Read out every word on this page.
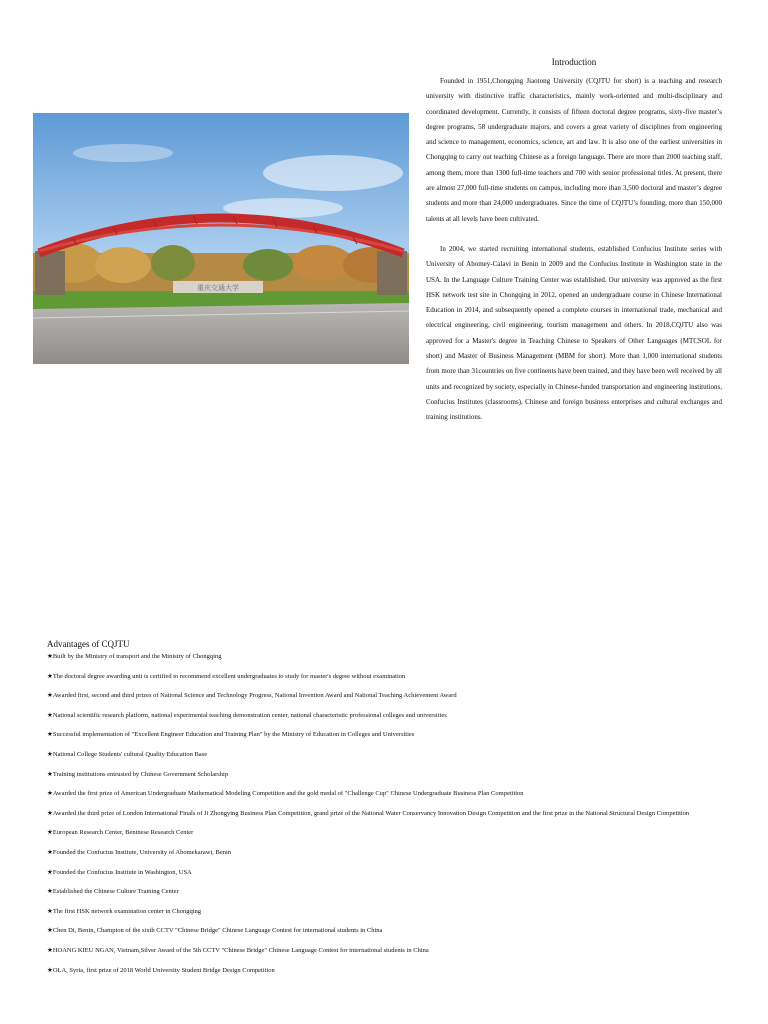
重庆交通大学
Introduction

Founded in 1951,Chongqing Jiaotong University (CQJTU for short) is a teaching and research university with distinctive traffic characteristics, mainly work-oriented and multi-disciplinary and coordinated development. Currently, it consists of fifteen doctoral degree programs, sixty-five master’s degree programs, 58 undergraduate majors, and covers a great variety of disciplines from engineering and science to management, economics, science, art and law. It is also one of the earliest universities in Chongqing to carry out teaching Chinese as a foreign language. There are more than 2000 teaching staff, among them, more than 1300 full-time teachers and 700 with senior professional titles. At present, there are almost 27,000 full-time students on campus, including more than 3,500 doctoral and master’s degree students and more than 24,000 undergraduates. Since the time of CQJTU’s founding, more than 150,000 talents at all levels have been cultivated.

In 2004, we started recruiting international students, established Confucius Institute series with University of Abomey-Calavi in Benin in 2009 and the Confucius Institute in Washington state in the USA. In the Language Culture Training Center was established. Our university was approved as the first HSK network test site in Chongqing in 2012, opened an undergraduate course in Chinese International Education in 2014, and subsequently opened a complete courses in international trade, mechanical and electrical engineering, civil engineering, tourism management and others. In 2018,CQJTU also was approved for a Master's degree in Teaching Chinese to Speakers of Other Languages (MTCSOL for short) and Master of Business Management (MBM for short). More than 1,000 international students from more than 31countries on five continents have been trained, and they have been well received by all units and recognized by society, especially in Chinese-funded transportation and engineering institutions, Confucius Institutes (classrooms), Chinese and foreign business enterprises and cultural exchanges and training institutions.

Advantages of CQJTU
★Built by the Ministry of transport and the Ministry of Chongqing
★The doctoral degree awarding unit is certified to recommend excellent undergraduates to study for master's degree without examination
★Awarded first, second and third prizes of National Science and Technology Progress, National Invention Award and National Teaching Achievement Award
★National scientific research platform, national experimental teaching demonstration center, national characteristic professional colleges and universities
★Successful implementation of "Excellent Engineer Education and Training Plan" by the Ministry of Education in Colleges and Universities
★National College Students' cultural Quality Education Base
★Training institutions entrusted by Chinese Government Scholarship
★Awarded the first prize of American Undergraduate Mathematical Modeling Competition and the gold medal of "Challenge Cup" Chinese Undergraduate Business Plan Competition
★Awarded the third prize of London International Finals of Ji Zhongying Business Plan Competition, grand prize of the National Water Conservancy Innovation Design Competition and the first prize in the National Structural Design Competition
★European Research Center, Beninese Research Center
★Founded the Confucius Institute, University of Abomekarawi, Benin
★Founded the Confucius Institute in Washington, USA
★Established the Chinese Culture Training Center
★The first HSK network examination center in Chongqing
★Chen Di, Benin, Champion of the sixth CCTV "Chinese Bridge" Chinese Language Contest for international students in China
★HOANG KIEU NGAN, Vietnam,Silver Award of the 5th CCTV "Chinese Bridge" Chinese Language Contest for international students in China
★OLA, Syria, first prize of 2018 World University Student Bridge Design Competition
